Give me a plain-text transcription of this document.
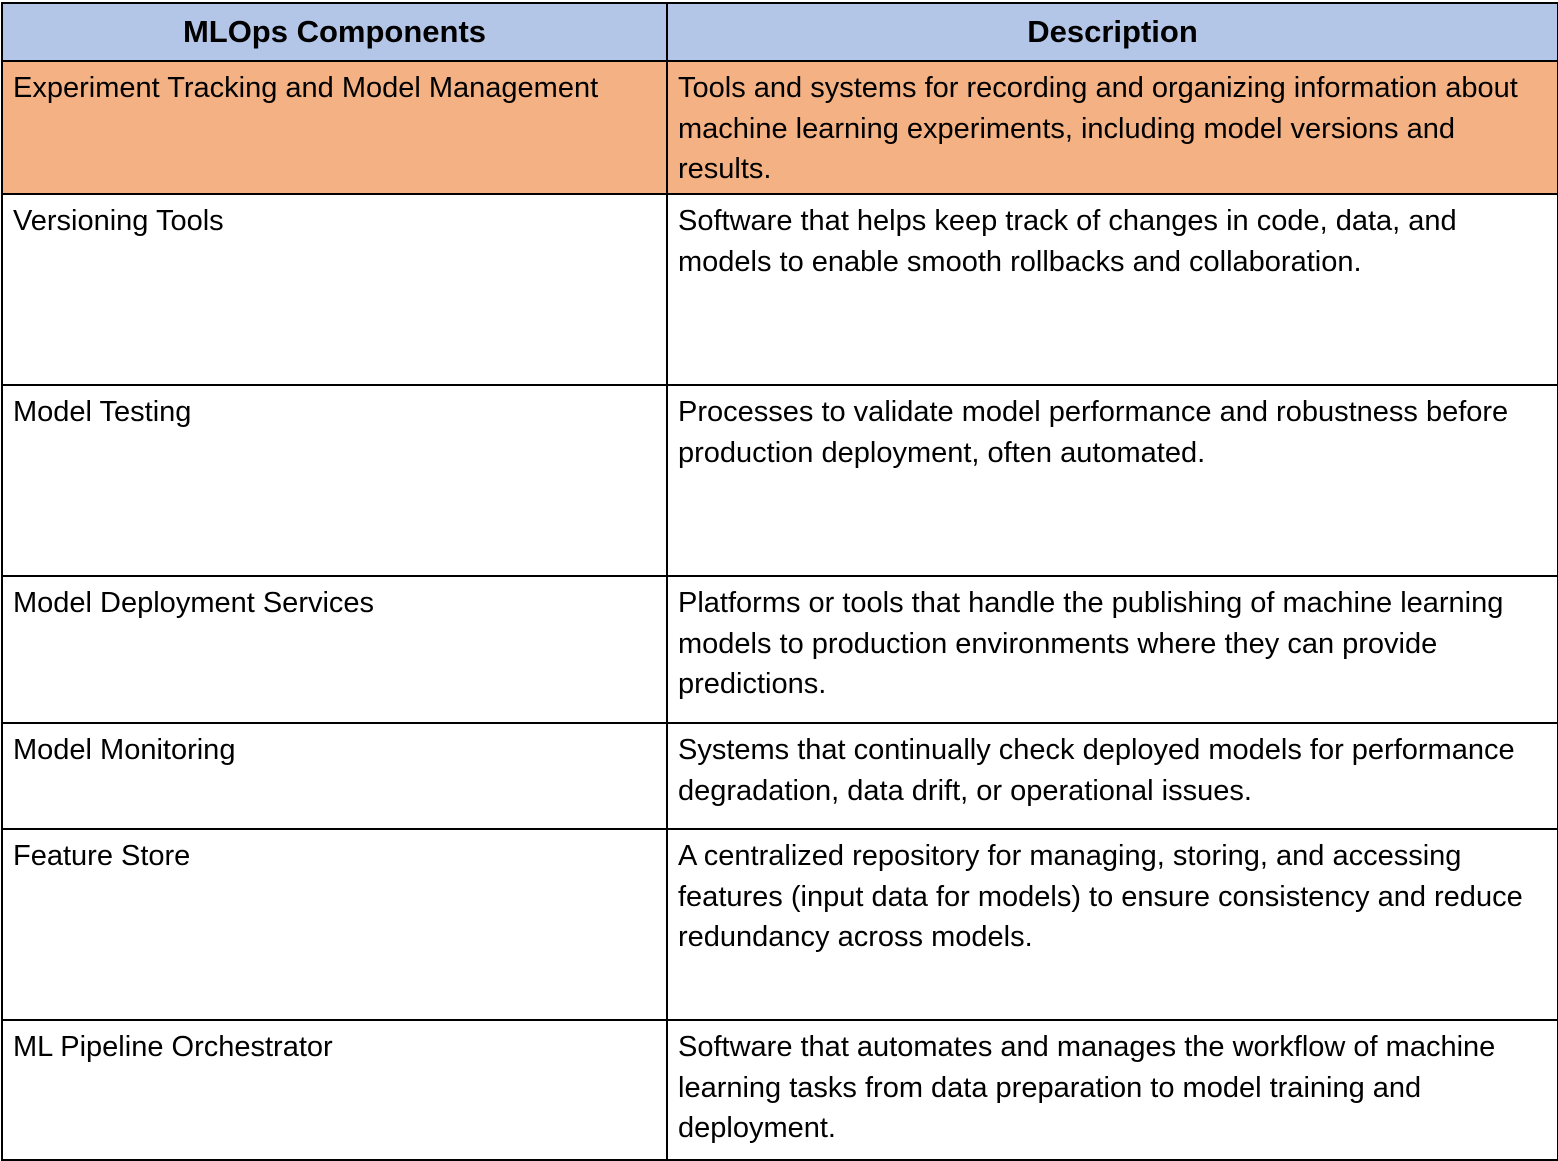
MLOps Components	Description
Experiment Tracking and Model Management	Tools and systems for recording and organizing information about machine learning experiments, including model versions and results.
Versioning Tools	Software that helps keep track of changes in code, data, and models to enable smooth rollbacks and collaboration.
Model Testing	Processes to validate model performance and robustness before production deployment, often automated.
Model Deployment Services	Platforms or tools that handle the publishing of machine learning models to production environments where they can provide predictions.
Model Monitoring	Systems that continually check deployed models for performance degradation, data drift, or operational issues.
Feature Store	A centralized repository for managing, storing, and accessing features (input data for models) to ensure consistency and reduce redundancy across models.
ML Pipeline Orchestrator	Software that automates and manages the workflow of machine learning tasks from data preparation to model training and deployment.
